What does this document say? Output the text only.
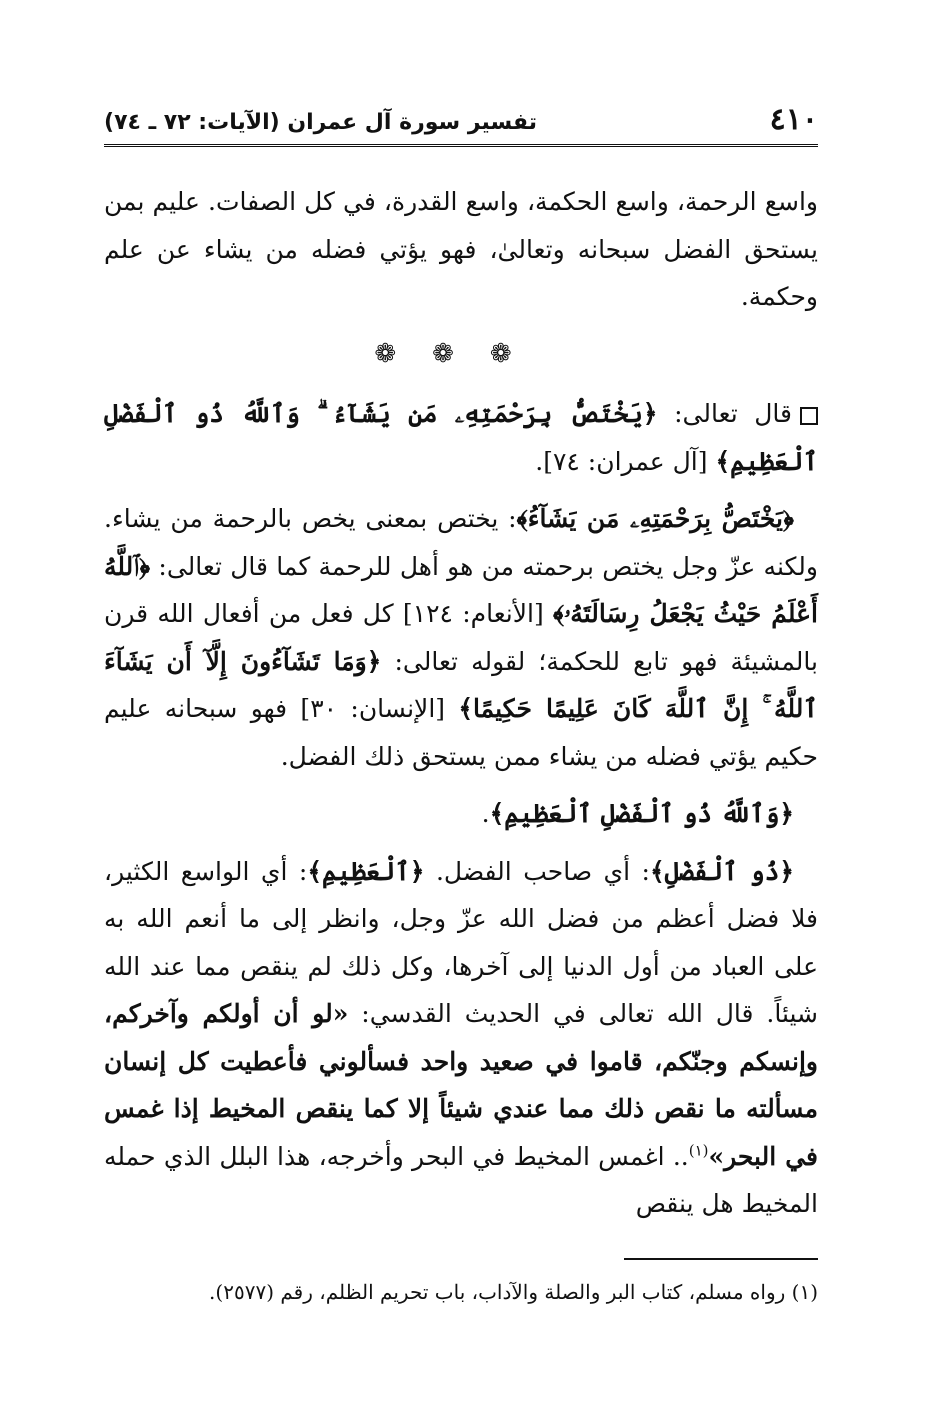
٤١٠
تفسير سورة آل عمران (الآيات: ٧٢ ـ ٧٤)

واسع الرحمة، واسع الحكمة، واسع القدرة، في كل الصفات. عليم بمن يستحق الفضل سبحانه وتعالىٰ، فهو يؤتي فضله من يشاء عن علم وحكمة.

❁❁❁

قال تعالى: ﴿يَخْتَصُّ بِرَحْمَتِهِۦ مَن يَشَآءُ ۗ وَٱللَّهُ ذُو ٱلْفَضْلِ ٱلْعَظِيمِ﴾ [آل عمران: ٧٤].

﴿يَخْتَصُّ بِرَحْمَتِهِۦ مَن يَشَآءُ﴾: يختص بمعنى يخص بالرحمة من يشاء. ولكنه عزّ وجل يختص برحمته من هو أهل للرحمة كما قال تعالى: ﴿ٱللَّهُ أَعْلَمُ حَيْثُ يَجْعَلُ رِسَالَتَهُۥ﴾ [الأنعام: ١٢٤] كل فعل من أفعال الله قرن بالمشيئة فهو تابع للحكمة؛ لقوله تعالى: ﴿وَمَا تَشَآءُونَ إِلَّآ أَن يَشَآءَ ٱللَّهُ ۚ إِنَّ ٱللَّهَ كَانَ عَلِيمًا حَكِيمًا﴾ [الإنسان: ٣٠] فهو سبحانه عليم حكيم يؤتي فضله من يشاء ممن يستحق ذلك الفضل.

﴿وَٱللَّهُ ذُو ٱلْفَضْلِ ٱلْعَظِيمِ﴾.

﴿ذُو ٱلْفَضْلِ﴾: أي صاحب الفضل. ﴿ٱلْعَظِيمِ﴾: أي الواسع الكثير، فلا فضل أعظم من فضل الله عزّ وجل، وانظر إلى ما أنعم الله به على العباد من أول الدنيا إلى آخرها، وكل ذلك لم ينقص مما عند الله شيئاً. قال الله تعالى في الحديث القدسي: «لو أن أولكم وآخركم، وإنسكم وجنّكم، قاموا في صعيد واحد فسألوني فأعطيت كل إنسان مسألته ما نقص ذلك مما عندي شيئاً إلا كما ينقص المخيط إذا غمس في البحر»$^{(١)}$.. اغمس المخيط في البحر وأخرجه، هذا البلل الذي حمله المخيط هل ينقص

(١) رواه مسلم، كتاب البر والصلة والآداب، باب تحريم الظلم، رقم (٢٥٧٧).
